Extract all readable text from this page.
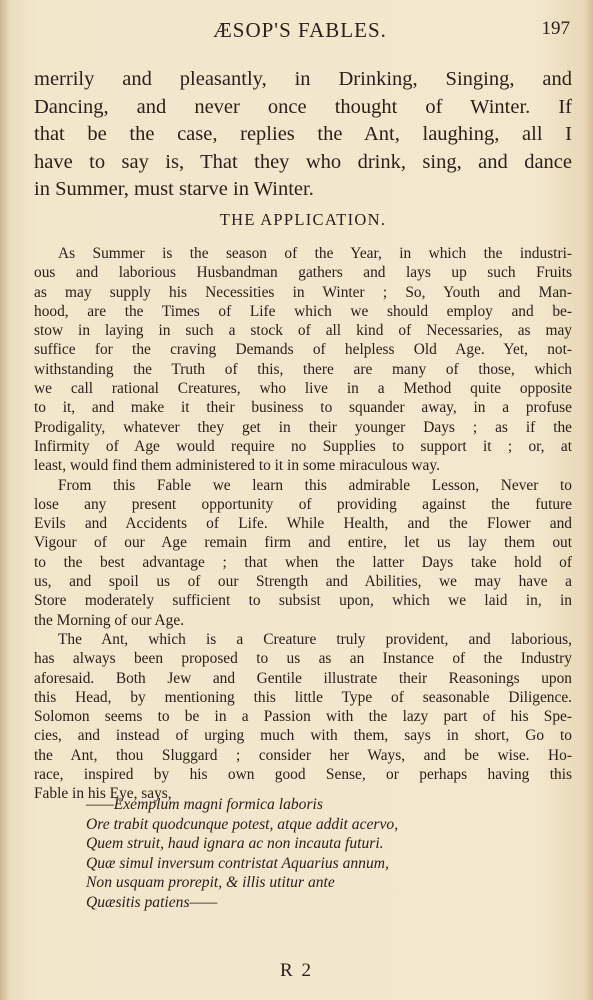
ÆSOP'S FABLES.	197
merrily and pleasantly, in Drinking, Singing, and
Dancing, and never once thought of Winter. If
that be the case, replies the Ant, laughing, all I
have to say is, That they who drink, sing, and dance
in Summer, must starve in Winter.
THE APPLICATION.
As Summer is the season of the Year, in which the industri-
ous and laborious Husbandman gathers and lays up such Fruits
as may supply his Necessities in Winter ; So, Youth and Man-
hood, are the Times of Life which we should employ and be-
stow in laying in such a stock of all kind of Necessaries, as may
suffice for the craving Demands of helpless Old Age. Yet, not-
withstanding the Truth of this, there are many of those, which
we call rational Creatures, who live in a Method quite opposite
to it, and make it their business to squander away, in a profuse
Prodigality, whatever they get in their younger Days ; as if the
Infirmity of Age would require no Supplies to support it ; or, at
least, would find them administered to it in some miraculous way.
From this Fable we learn this admirable Lesson, Never to
lose any present opportunity of providing against the future
Evils and Accidents of Life. While Health, and the Flower and
Vigour of our Age remain firm and entire, let us lay them out
to the best advantage ; that when the latter Days take hold of
us, and spoil us of our Strength and Abilities, we may have a
Store moderately sufficient to subsist upon, which we laid in, in
the Morning of our Age.
The Ant, which is a Creature truly provident, and laborious,
has always been proposed to us as an Instance of the Industry
aforesaid. Both Jew and Gentile illustrate their Reasonings upon
this Head, by mentioning this little Type of seasonable Diligence.
Solomon seems to be in a Passion with the lazy part of his Spe-
cies, and instead of urging much with them, says in short, Go to
the Ant, thou Sluggard ; consider her Ways, and be wise. Ho-
race, inspired by his own good Sense, or perhaps having this
Fable in his Eye, says,
——Exemplum magni formica laboris
Ore trabit quodcunque potest, atque addit acervo,
Quem struit, haud ignara ac non incauta futuri.
Quæ simul inversum contristat Aquarius annum,
Non usquam prorepit, & illis utitur ante
Quæsitis patiens——
R 2
